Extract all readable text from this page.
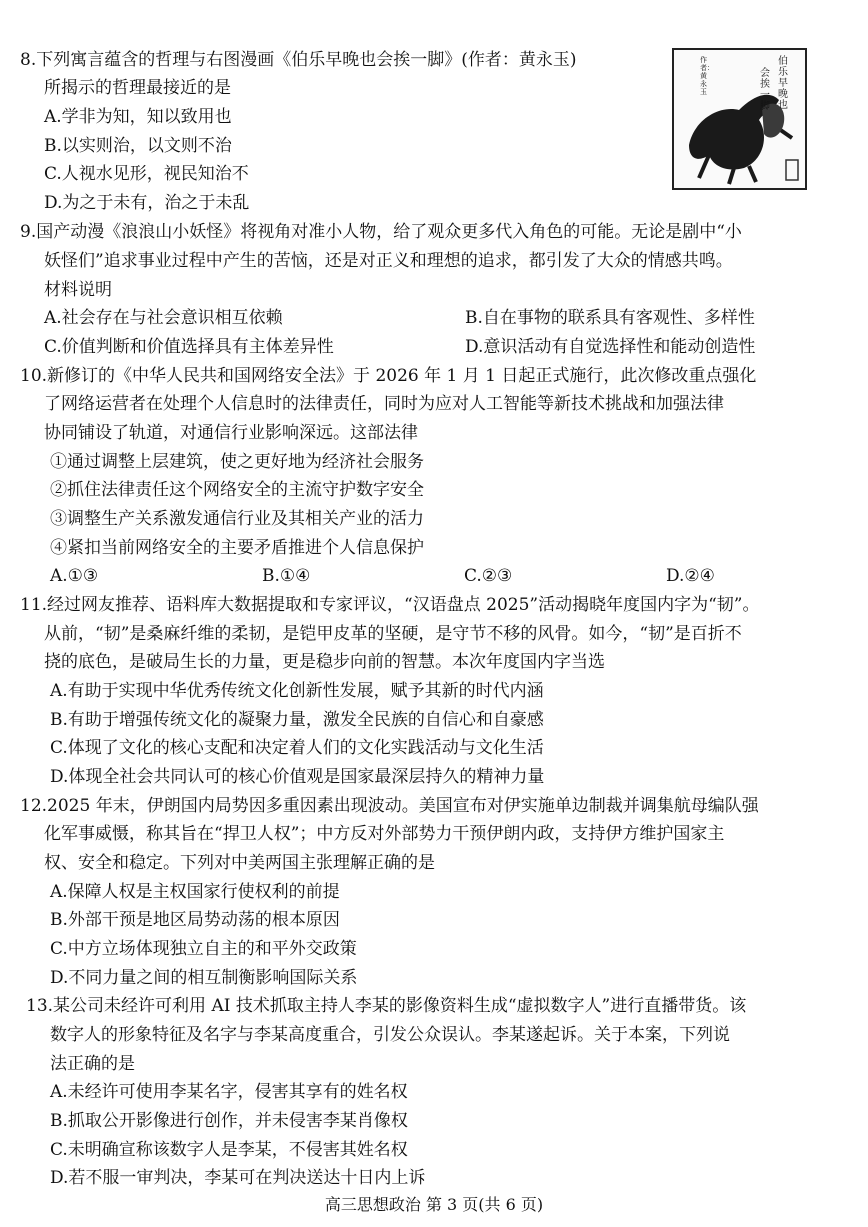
8.下列寓言蕴含的哲理与右图漫画《伯乐早晚也会挨一脚》(作者：黄永玉)
所揭示的哲理最接近的是
A.学非为知，知以致用也
B.以实则治，以文则不治
C.人视水见形，视民知治不
D.为之于未有，治之于未乱
伯乐早晚也
会挨一脚
作者：黄永玉
9.国产动漫《浪浪山小妖怪》将视角对准小人物，给了观众更多代入角色的可能。无论是剧中“小
妖怪们”追求事业过程中产生的苦恼，还是对正义和理想的追求，都引发了大众的情感共鸣。
材料说明
A.社会存在与社会意识相互依赖	B.自在事物的联系具有客观性、多样性
C.价值判断和价值选择具有主体差异性	D.意识活动有自觉选择性和能动创造性
10.新修订的《中华人民共和国网络安全法》于 2026 年 1 月 1 日起正式施行，此次修改重点强化
了网络运营者在处理个人信息时的法律责任，同时为应对人工智能等新技术挑战和加强法律
协同铺设了轨道，对通信行业影响深远。这部法律
①通过调整上层建筑，使之更好地为经济社会服务
②抓住法律责任这个网络安全的主流守护数字安全
③调整生产关系激发通信行业及其相关产业的活力
④紧扣当前网络安全的主要矛盾推进个人信息保护
A.①③	B.①④	C.②③	D.②④
11.经过网友推荐、语料库大数据提取和专家评议，“汉语盘点 2025”活动揭晓年度国内字为“韧”。
从前，“韧”是桑麻纤维的柔韧，是铠甲皮革的坚硬，是守节不移的风骨。如今，“韧”是百折不
挠的底色，是破局生长的力量，更是稳步向前的智慧。本次年度国内字当选
A.有助于实现中华优秀传统文化创新性发展，赋予其新的时代内涵
B.有助于增强传统文化的凝聚力量，激发全民族的自信心和自豪感
C.体现了文化的核心支配和决定着人们的文化实践活动与文化生活
D.体现全社会共同认可的核心价值观是国家最深层持久的精神力量
12.2025 年末，伊朗国内局势因多重因素出现波动。美国宣布对伊实施单边制裁并调集航母编队强
化军事威慑，称其旨在“捍卫人权”；中方反对外部势力干预伊朗内政，支持伊方维护国家主
权、安全和稳定。下列对中美两国主张理解正确的是
A.保障人权是主权国家行使权利的前提
B.外部干预是地区局势动荡的根本原因
C.中方立场体现独立自主的和平外交政策
D.不同力量之间的相互制衡影响国际关系
13.某公司未经许可利用 AI 技术抓取主持人李某的影像资料生成“虚拟数字人”进行直播带货。该
数字人的形象特征及名字与李某高度重合，引发公众误认。李某遂起诉。关于本案，下列说
法正确的是
A.未经许可使用李某名字，侵害其享有的姓名权
B.抓取公开影像进行创作，并未侵害李某肖像权
C.未明确宣称该数字人是李某，不侵害其姓名权
D.若不服一审判决，李某可在判决送达十日内上诉
高三思想政治 第 3 页(共 6 页)
